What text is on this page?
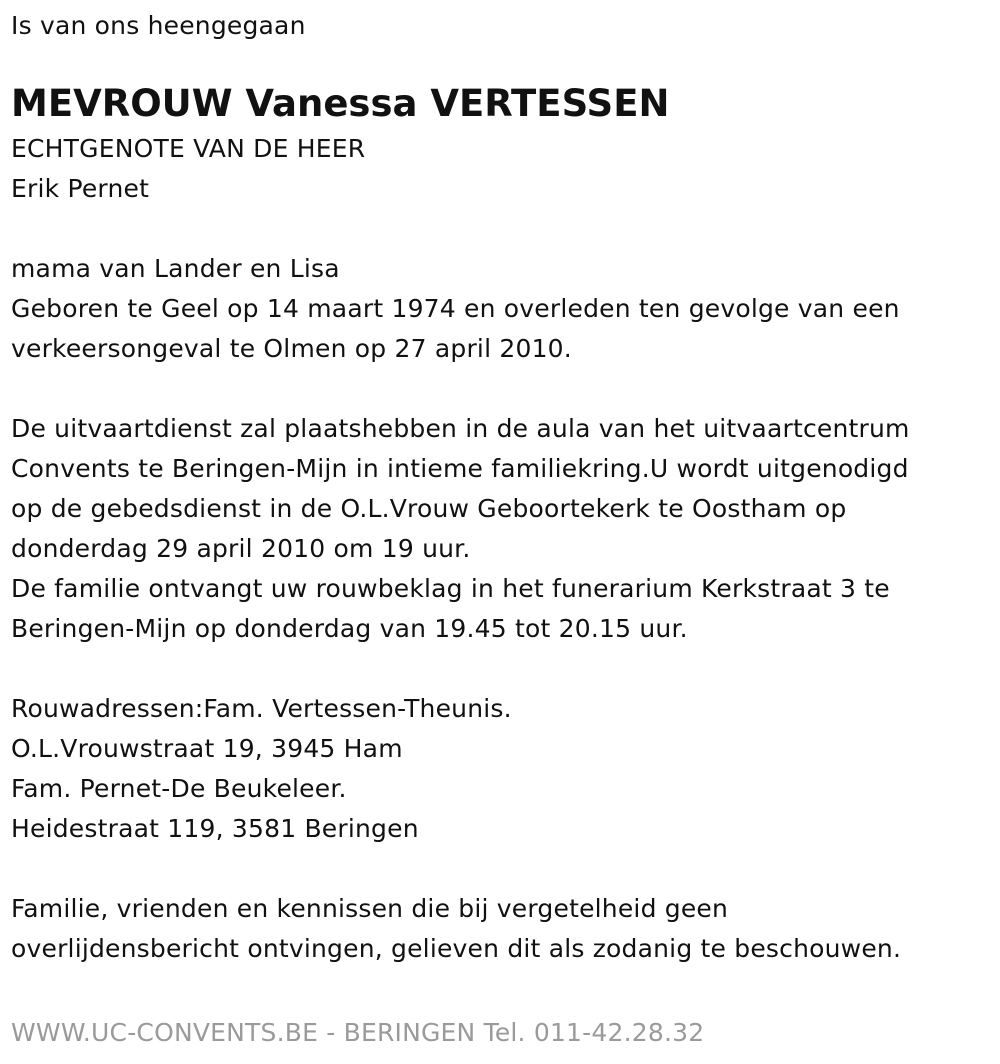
Is van ons heengegaan
MEVROUW Vanessa VERTESSEN
ECHTGENOTE VAN DE HEER
Erik Pernet
mama van Lander en Lisa
Geboren te Geel op 14 maart 1974 en overleden ten gevolge van een
verkeersongeval te Olmen op 27 april 2010.
De uitvaartdienst zal plaatshebben in de aula van het uitvaartcentrum
Convents te Beringen-Mijn in intieme familiekring.U wordt uitgenodigd
op de gebedsdienst in de O.L.Vrouw Geboortekerk te Oostham op
donderdag 29 april 2010 om 19 uur.
De familie ontvangt uw rouwbeklag in het funerarium Kerkstraat 3 te
Beringen-Mijn op donderdag van 19.45 tot 20.15 uur.
Rouwadressen:Fam. Vertessen-Theunis.
O.L.Vrouwstraat 19, 3945 Ham
Fam. Pernet-De Beukeleer.
Heidestraat 119, 3581 Beringen
Familie, vrienden en kennissen die bij vergetelheid geen
overlijdensbericht ontvingen, gelieven dit als zodanig te beschouwen.
WWW.UC-CONVENTS.BE - BERINGEN Tel. 011-42.28.32
